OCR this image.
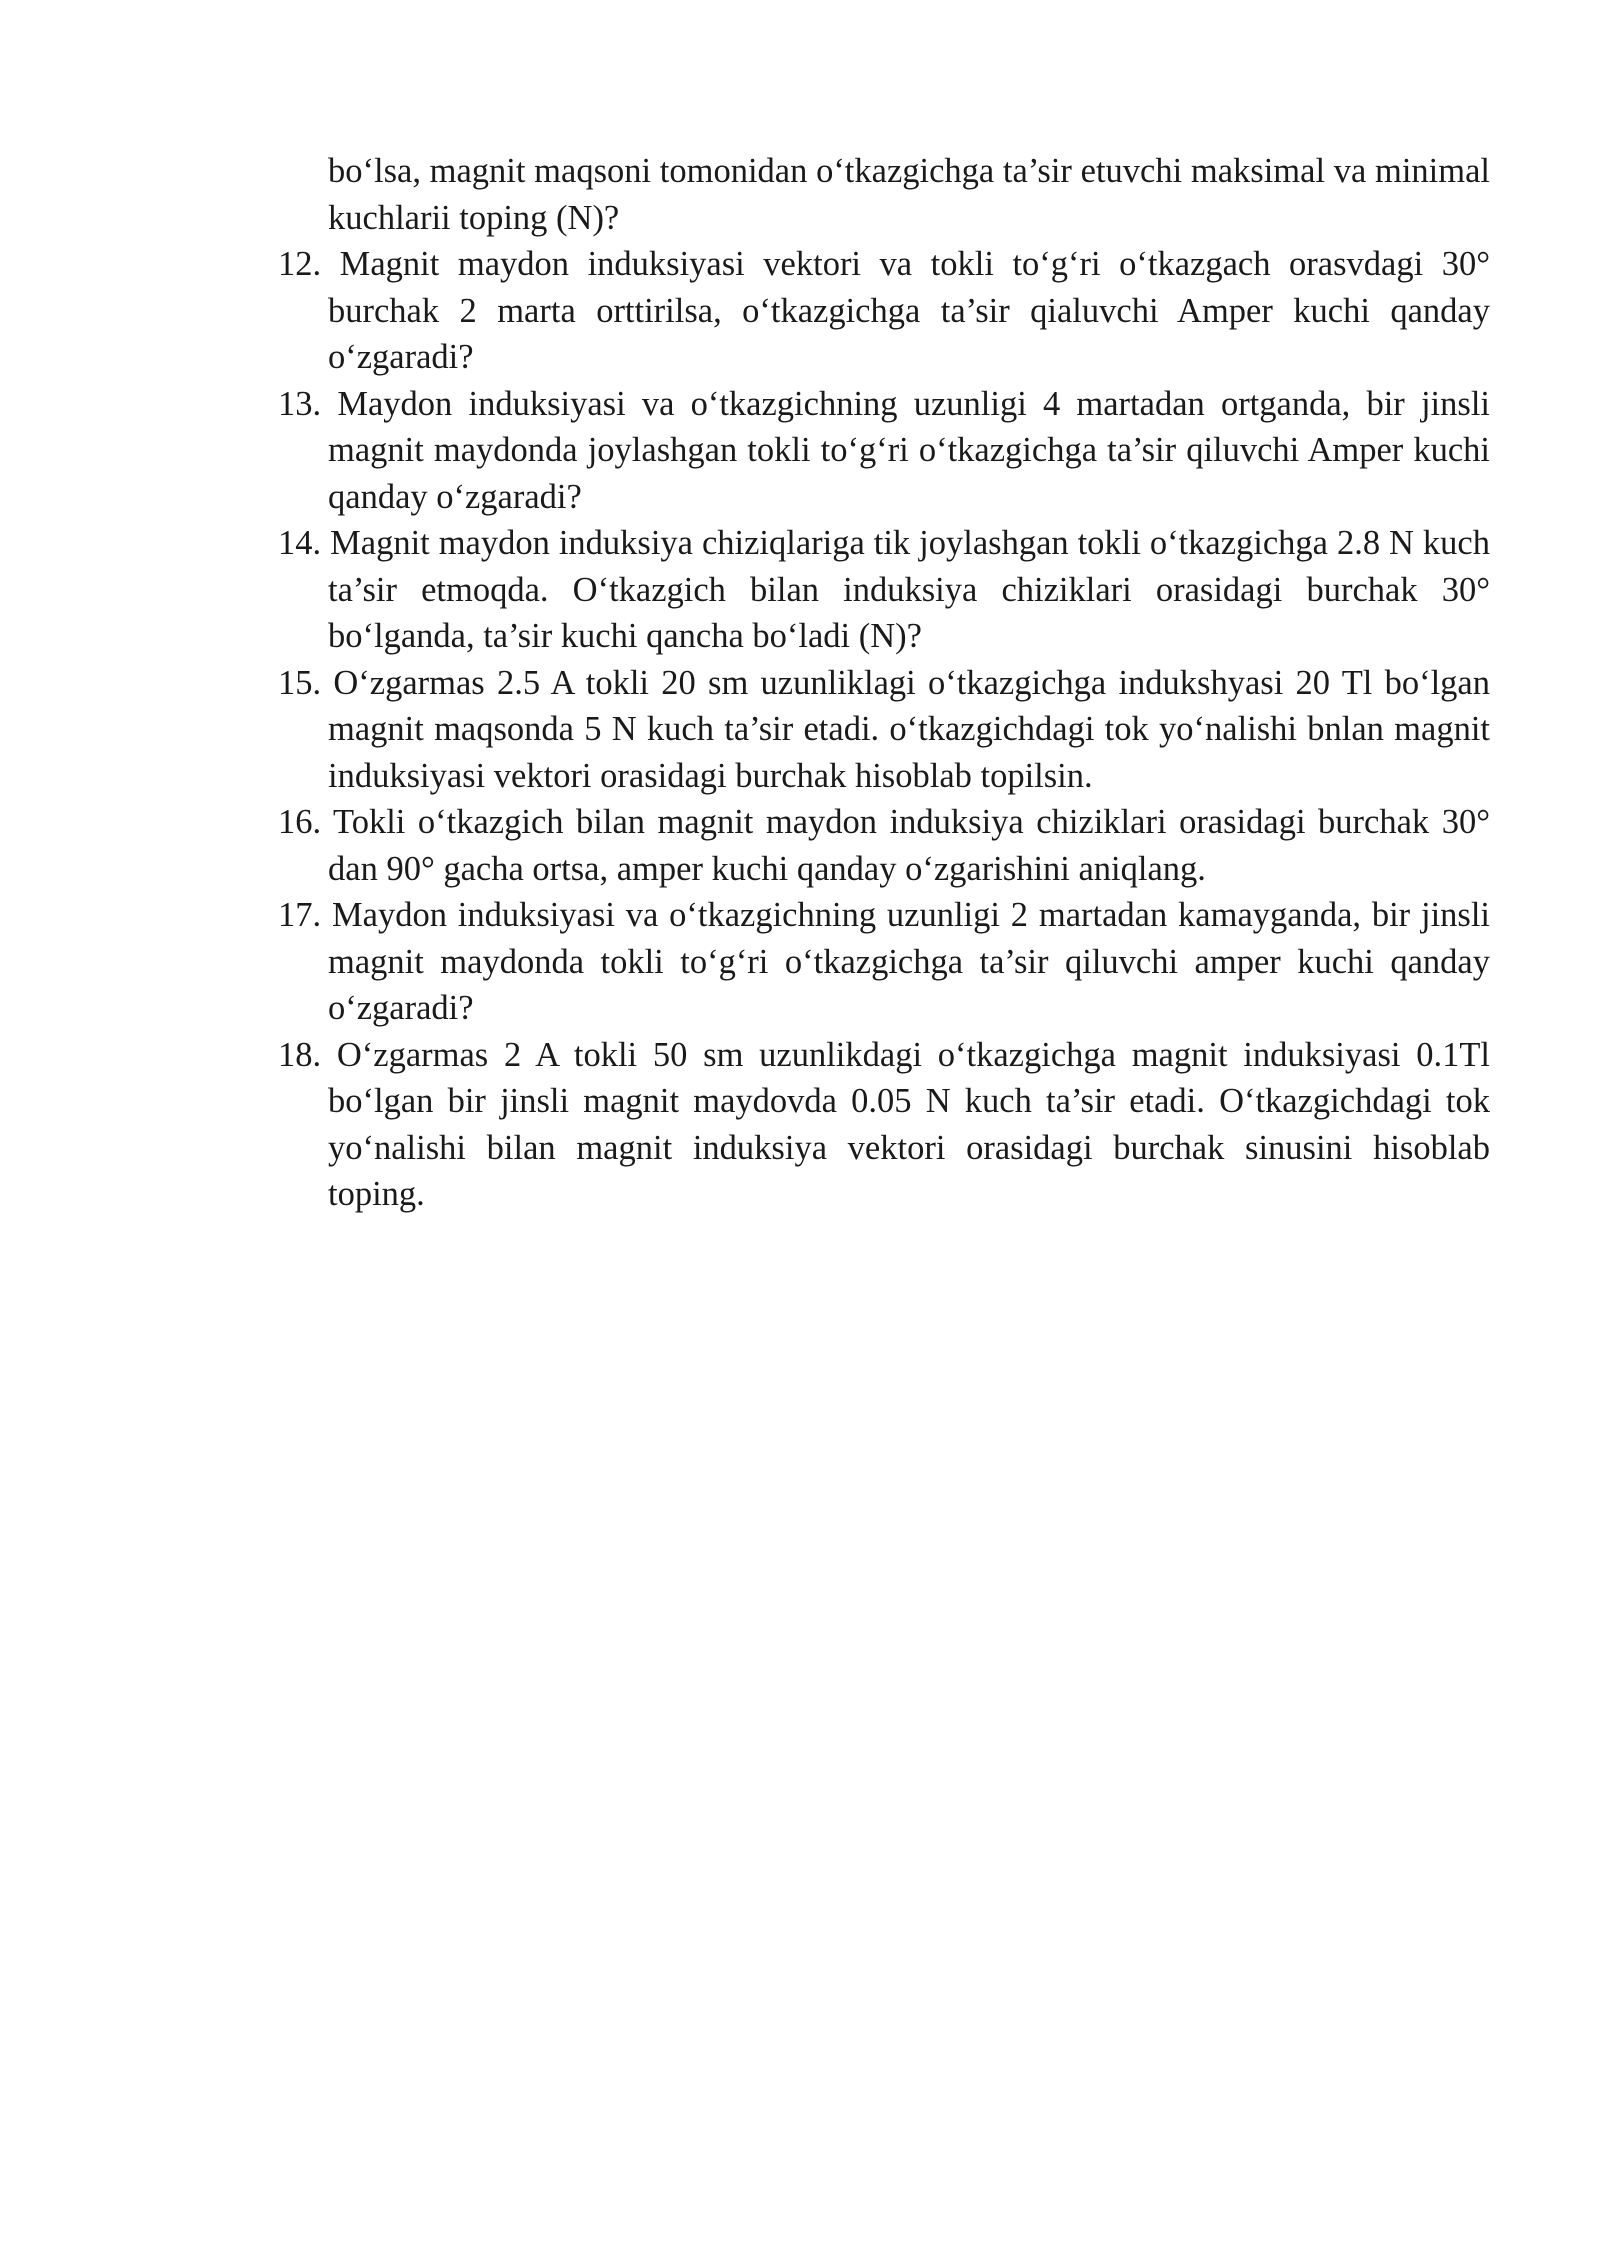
bo‘lsa, magnit maqsoni tomonidan o‘tkazgichga ta’sir etuvchi maksimal va minimal kuchlarii toping (N)?

12. Magnit maydon induksiyasi vektori va tokli to‘g‘ri o‘tkazgach orasvdagi 30° burchak 2 marta orttirilsa, o‘tkazgichga ta’sir qialuvchi Amper kuchi qanday o‘zgaradi?

13. Maydon induksiyasi va o‘tkazgichning uzunligi 4 martadan ortganda, bir jinsli magnit maydonda joylashgan tokli to‘g‘ri o‘tkazgichga ta’sir qiluvchi Amper kuchi qanday o‘zgaradi?

14. Magnit maydon induksiya chiziqlariga tik joylashgan tokli o‘tkazgichga 2.8 N kuch ta’sir etmoqda. O‘tkazgich bilan induksiya chiziklari orasidagi burchak 30° bo‘lganda, ta’sir kuchi qancha bo‘ladi (N)?

15. O‘zgarmas 2.5 A tokli 20 sm uzunliklagi o‘tkazgichga indukshyasi 20 Tl bo‘lgan magnit maqsonda 5 N kuch ta’sir etadi. o‘tkazgichdagi tok yo‘nalishi bnlan magnit induksiyasi vektori orasidagi burchak hisoblab topilsin.

16. Tokli o‘tkazgich bilan magnit maydon induksiya chiziklari orasidagi burchak 30° dan 90° gacha ortsa, amper kuchi qanday o‘zgarishini aniqlang.

17. Maydon induksiyasi va o‘tkazgichning uzunligi 2 martadan kamayganda, bir jinsli magnit maydonda tokli to‘g‘ri o‘tkazgichga ta’sir qiluvchi amper kuchi qanday o‘zgaradi?

18. O‘zgarmas 2 A tokli 50 sm uzunlikdagi o‘tkazgichga magnit induksiyasi 0.1Tl bo‘lgan bir jinsli magnit maydovda 0.05 N kuch ta’sir etadi. O‘tkazgichdagi tok yo‘nalishi bilan magnit induksiya vektori orasidagi burchak sinusini hisoblab toping.
